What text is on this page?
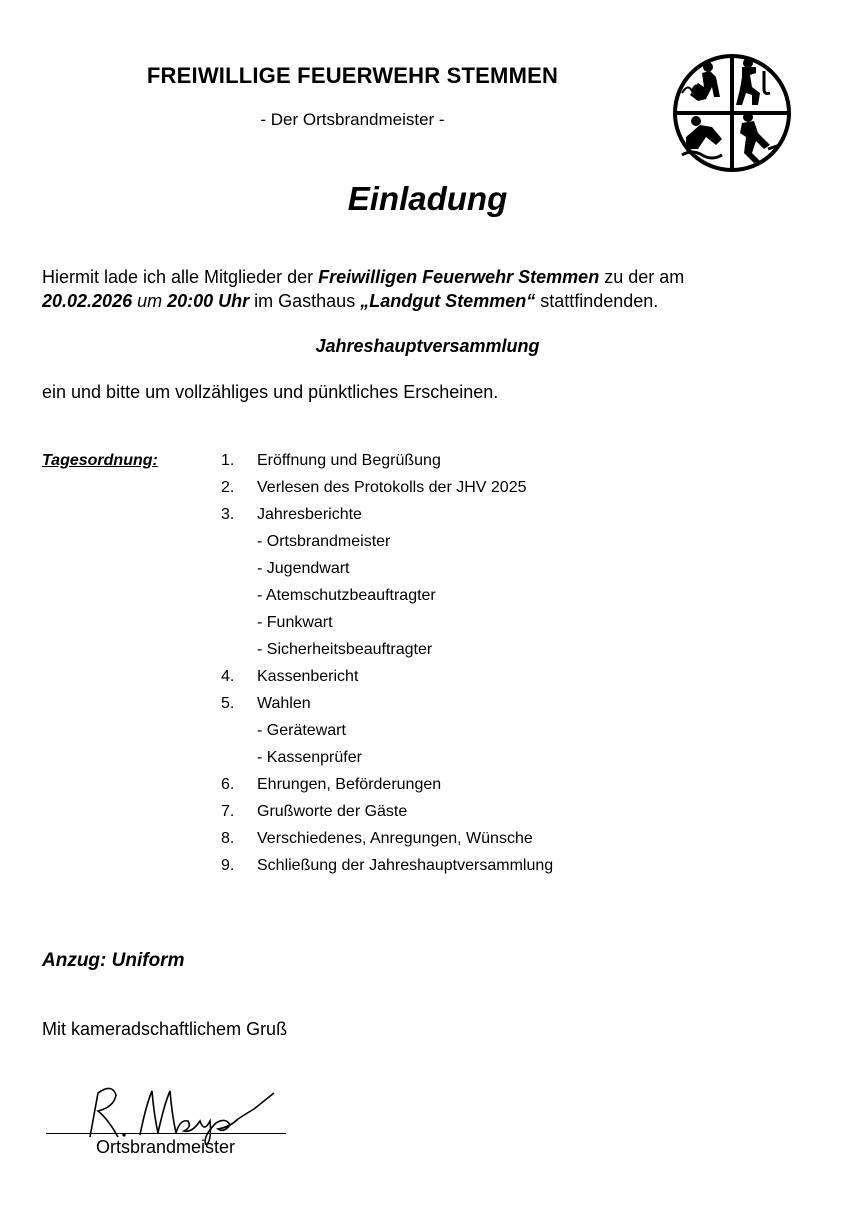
FREIWILLIGE FEUERWEHR STEMMEN
- Der Ortsbrandmeister -
Einladung
Hiermit lade ich alle Mitglieder der Freiwilligen Feuerwehr Stemmen zu der am
20.02.2026 um 20:00 Uhr im Gasthaus „Landgut Stemmen“ stattfindenden.
Jahreshauptversammlung
ein und bitte um vollzähliges und pünktliches Erscheinen.
Tagesordnung:	1.	Eröffnung und Begrüßung
2.	Verlesen des Protokolls der JHV 2025
3.	Jahresberichte
- Ortsbrandmeister
- Jugendwart
- Atemschutzbeauftragter
- Funkwart
- Sicherheitsbeauftragter
4.	Kassenbericht
5.	Wahlen
- Gerätewart
- Kassenprüfer
6.	Ehrungen, Beförderungen
7.	Grußworte der Gäste
8.	Verschiedenes, Anregungen, Wünsche
9.	Schließung der Jahreshauptversammlung
Anzug: Uniform
Mit kameradschaftlichem Gruß
Ortsbrandmeister
